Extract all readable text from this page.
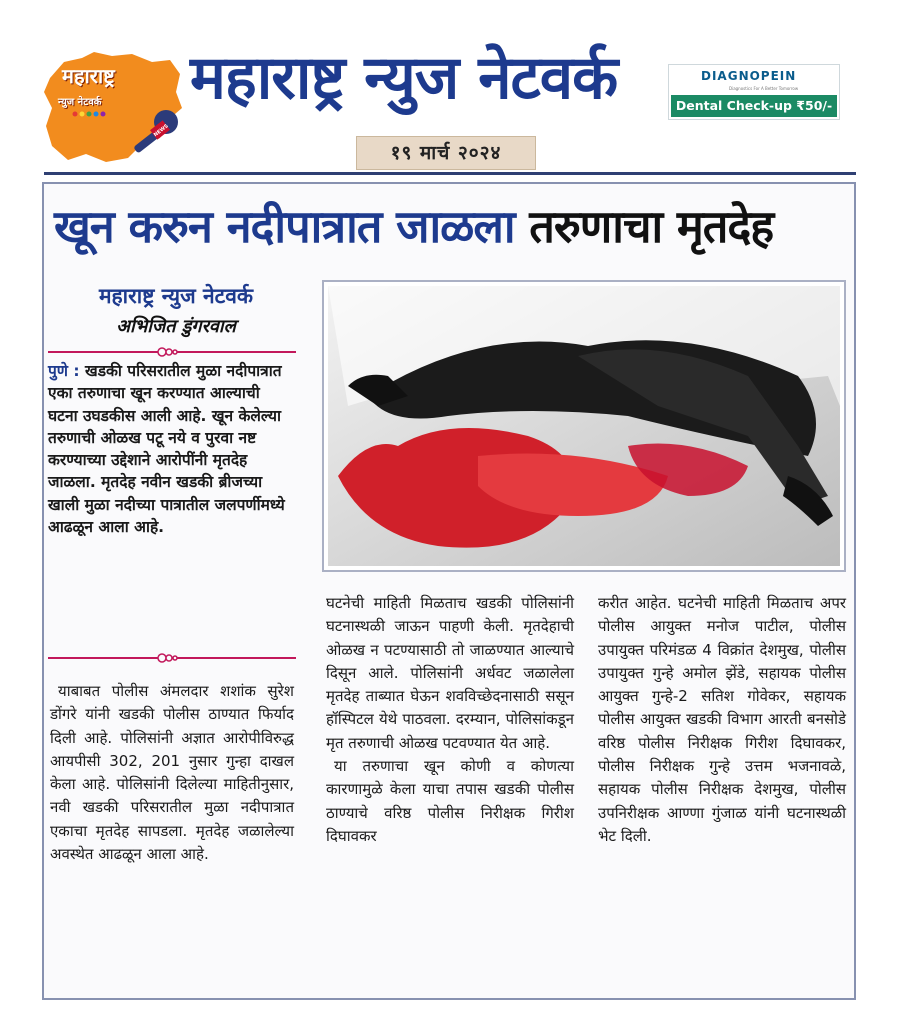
महाराष्ट्र
न्युज नेटवर्क
NEWS
महाराष्ट्र न्युज नेटवर्क
१९ मार्च २०२४
DIAGNOPEIN
Diagnostics For A Better Tomorrow
Dental Check-up ₹50/-
खून करुन नदीपात्रात जाळला तरुणाचा मृतदेह
महाराष्ट्र न्युज नेटवर्क
अभिजित डुंगरवाल
पुणे : खडकी परिसरातील मुळा नदीपात्रात एका तरुणाचा खून करण्यात आल्याची घटना उघडकीस आली आहे. खून केलेल्या तरुणाची ओळख पटू नये व पुरवा नष्ट करण्याच्या उद्देशाने आरोपींनी मृतदेह जाळला. मृतदेह नवीन खडकी ब्रीजच्या खाली मुळा नदीच्या पात्रातील जलपर्णीमध्ये आढळून आला आहे.

याबाबत पोलीस अंमलदार शशांक सुरेश डोंगरे यांनी खडकी पोलीस ठाण्यात फिर्याद दिली आहे. पोलिसांनी अज्ञात आरोपीविरुद्ध आयपीसी 302, 201 नुसार गुन्हा दाखल केला आहे. पोलिसांनी दिलेल्या माहितीनुसार, नवी खडकी परिसरातील मुळा नदीपात्रात एकाचा मृतदेह सापडला. मृतदेह जळालेल्या अवस्थेत आढळून आला आहे.

घटनेची माहिती मिळताच खडकी पोलिसांनी घटनास्थळी जाऊन पाहणी केली. मृतदेहाची ओळख न पटण्यासाठी तो जाळण्यात आल्याचे दिसून आले. पोलिसांनी अर्धवट जळालेला मृतदेह ताब्यात घेऊन शवविच्छेदनासाठी ससून हॉस्पिटल येथे पाठवला. दरम्यान, पोलिसांकडून मृत तरुणाची ओळख पटवण्यात येत आहे.

या तरुणाचा खून कोणी व कोणत्या कारणामुळे केला याचा तपास खडकी पोलीस ठाण्याचे वरिष्ठ पोलीस निरीक्षक गिरीश दिघावकर

करीत आहेत. घटनेची माहिती मिळताच अपर पोलीस आयुक्त मनोज पाटील, पोलीस उपायुक्त परिमंडळ 4 विक्रांत देशमुख, पोलीस उपायुक्त गुन्हे अमोल झेंडे, सहायक पोलीस आयुक्त गुन्हे-2 सतिश गोवेकर, सहायक पोलीस आयुक्त खडकी विभाग आरती बनसोडे वरिष्ठ पोलीस निरीक्षक गिरीश दिघावकर, पोलीस निरीक्षक गुन्हे उत्तम भजनावळे, सहायक पोलीस निरीक्षक देशमुख, पोलीस उपनिरीक्षक आण्णा गुंजाळ यांनी घटनास्थळी भेट दिली.
